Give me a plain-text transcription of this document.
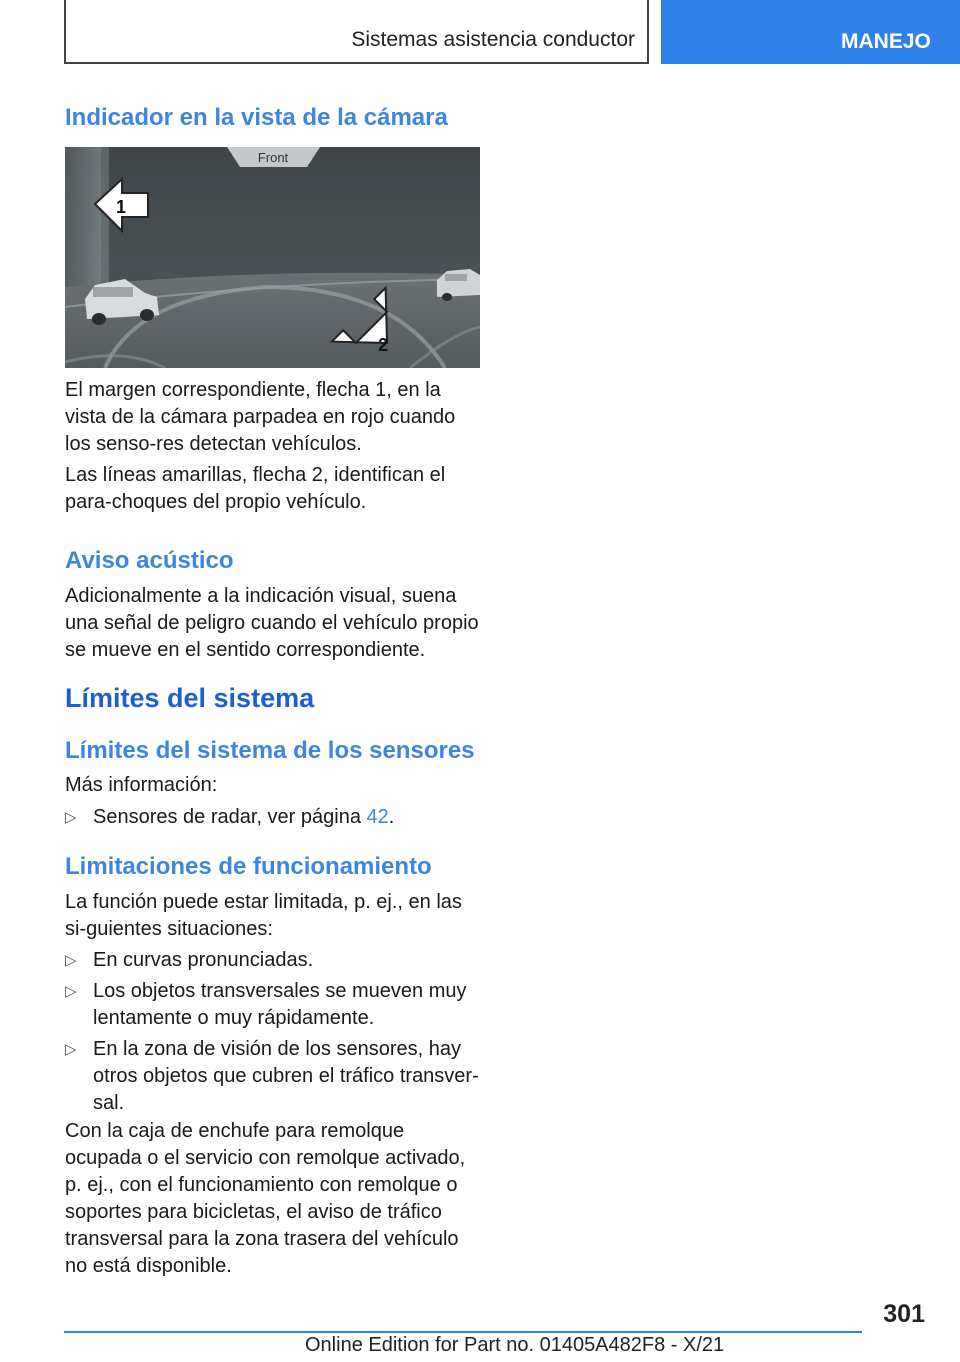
Sistemas asistencia conductor	MANEJO
Indicador en la vista de la cámara
Front
1
2

El margen correspondiente, flecha 1, en la vista de la cámara parpadea en rojo cuando los senso-res detectan vehículos.

Las líneas amarillas, flecha 2, identifican el para-choques del propio vehículo.

Aviso acústico

Adicionalmente a la indicación visual, suena una señal de peligro cuando el vehículo propio se mueve en el sentido correspondiente.

Límites del sistema
Límites del sistema de los sensores

Más información:

▷ Sensores de radar, ver página 42.
Limitaciones de funcionamiento

La función puede estar limitada, p. ej., en las si-guientes situaciones:

▷ En curvas pronunciadas.
▷ Los objetos transversales se mueven muy lentamente o muy rápidamente.
▷ En la zona de visión de los sensores, hay otros objetos que cubren el tráfico transver-sal.

Con la caja de enchufe para remolque ocupada o el servicio con remolque activado, p. ej., con el funcionamiento con remolque o soportes para bicicletas, el aviso de tráfico transversal para la zona trasera del vehículo no está disponible.

301
Online Edition for Part no. 01405A482F8 - X/21
